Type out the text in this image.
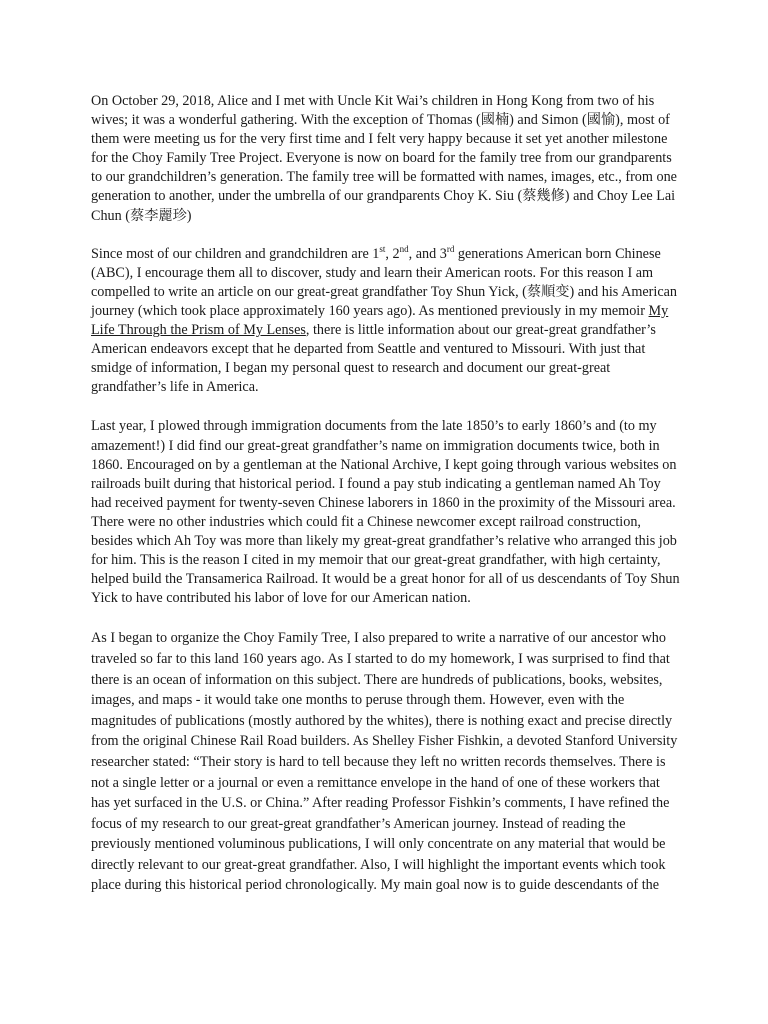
On October 29, 2018, Alice and I met with Uncle Kit Wai’s children in Hong Kong from two of his wives; it was a wonderful gathering. With the exception of Thomas (國楠) and Simon (國愉), most of them were meeting us for the very first time and I felt very happy because it set yet another milestone for the Choy Family Tree Project. Everyone is now on board for the family tree from our grandparents to our grandchildren’s generation. The family tree will be formatted with names, images, etc., from one generation to another, under the umbrella of our grandparents Choy K. Siu (蔡幾修) and Choy Lee Lai Chun (蔡李麗珍)

Since most of our children and grandchildren are 1st, 2nd, and 3rd generations American born Chinese (ABC), I encourage them all to discover, study and learn their American roots. For this reason I am compelled to write an article on our great-great grandfather Toy Shun Yick, (蔡順变) and his American journey (which took place approximately 160 years ago). As mentioned previously in my memoir My Life Through the Prism of My Lenses, there is little information about our great-great grandfather’s American endeavors except that he departed from Seattle and ventured to Missouri. With just that smidge of information, I began my personal quest to research and document our great-great grandfather’s life in America.

Last year, I plowed through immigration documents from the late 1850’s to early 1860’s and (to my amazement!) I did find our great-great grandfather’s name on immigration documents twice, both in 1860. Encouraged on by a gentleman at the National Archive, I kept going through various websites on railroads built during that historical period. I found a pay stub indicating a gentleman named Ah Toy had received payment for twenty-seven Chinese laborers in 1860 in the proximity of the Missouri area. There were no other industries which could fit a Chinese newcomer except railroad construction, besides which Ah Toy was more than likely my great-great grandfather’s relative who arranged this job for him. This is the reason I cited in my memoir that our great-great grandfather, with high certainty, helped build the Transamerica Railroad. It would be a great honor for all of us descendants of Toy Shun Yick to have contributed his labor of love for our American nation.

As I began to organize the Choy Family Tree, I also prepared to write a narrative of our ancestor who traveled so far to this land 160 years ago. As I started to do my homework, I was surprised to find that there is an ocean of information on this subject. There are hundreds of publications, books, websites, images, and maps - it would take one months to peruse through them. However, even with the magnitudes of publications (mostly authored by the whites), there is nothing exact and precise directly from the original Chinese Rail Road builders. As Shelley Fisher Fishkin, a devoted Stanford University researcher stated: “Their story is hard to tell because they left no written records themselves. There is not a single letter or a journal or even a remittance envelope in the hand of one of these workers that has yet surfaced in the U.S. or China.” After reading Professor Fishkin’s comments, I have refined the focus of my research to our great-great grandfather’s American journey. Instead of reading the previously mentioned voluminous publications, I will only concentrate on any material that would be directly relevant to our great-great grandfather. Also, I will highlight the important events which took place during this historical period chronologically. My main goal now is to guide descendants of the
